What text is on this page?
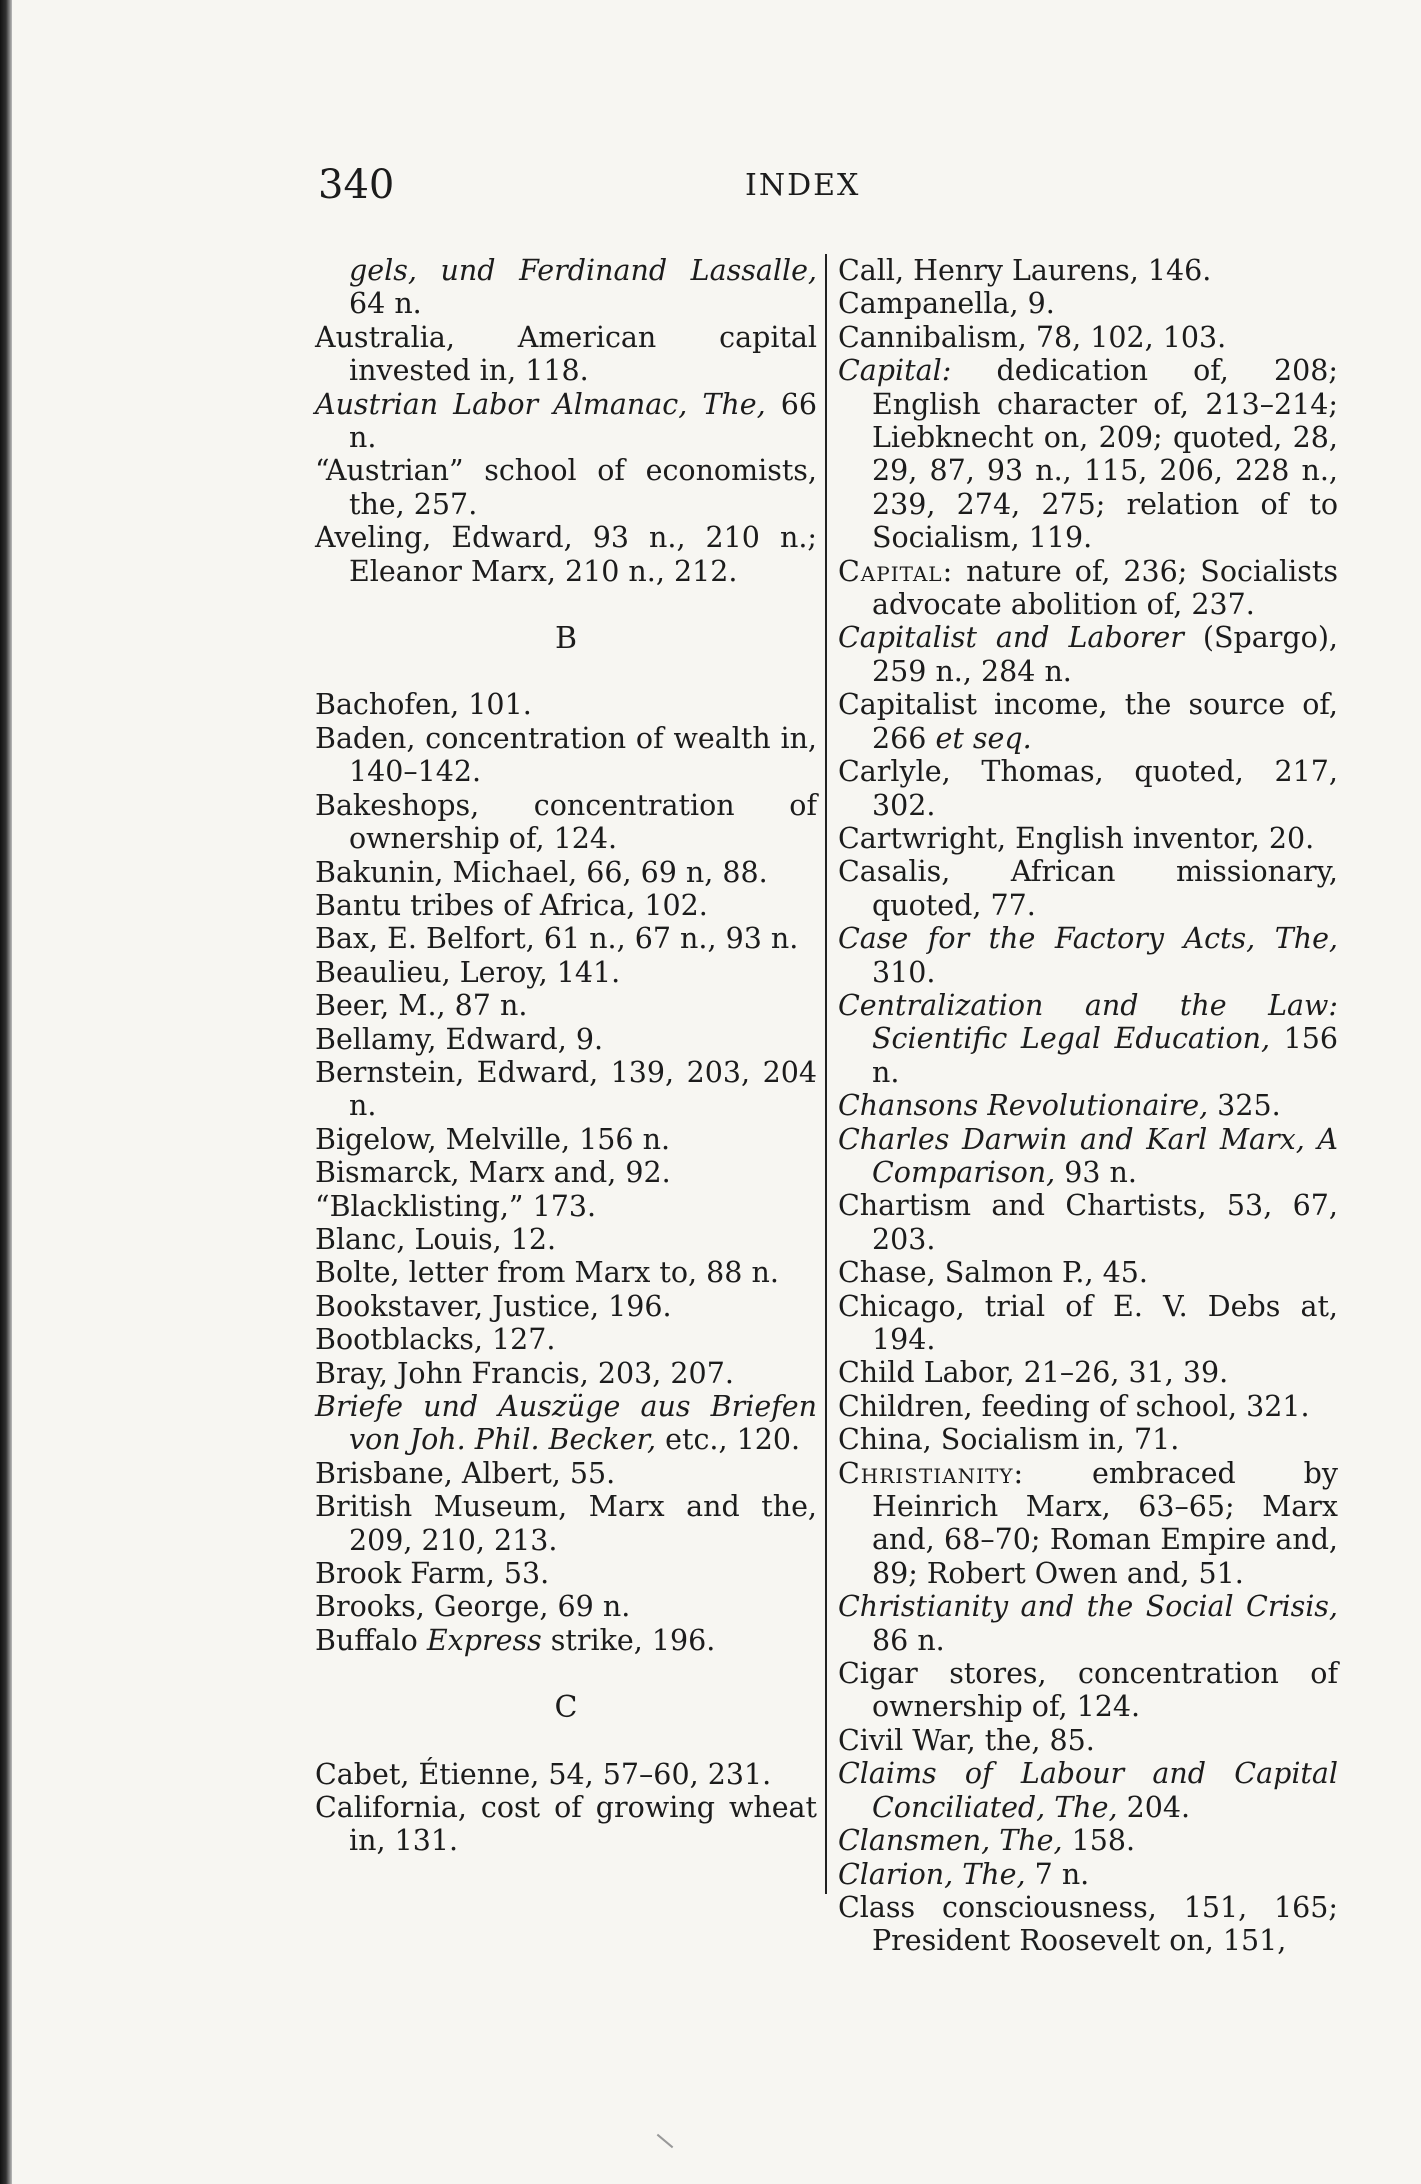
340	INDEX
gels, und Ferdinand Lassalle, 64 n.
Australia, American capital invested in, 118.
Austrian Labor Almanac, The, 66 n.
“Austrian” school of economists, the, 257.
Aveling, Edward, 93 n., 210 n.; Eleanor Marx, 210 n., 212.
B
Bachofen, 101.
Baden, concentration of wealth in, 140–142.
Bakeshops, concentration of ownership of, 124.
Bakunin, Michael, 66, 69 n, 88.
Bantu tribes of Africa, 102.
Bax, E. Belfort, 61 n., 67 n., 93 n.
Beaulieu, Leroy, 141.
Beer, M., 87 n.
Bellamy, Edward, 9.
Bernstein, Edward, 139, 203, 204 n.
Bigelow, Melville, 156 n.
Bismarck, Marx and, 92.
“Blacklisting,” 173.
Blanc, Louis, 12.
Bolte, letter from Marx to, 88 n.
Bookstaver, Justice, 196.
Bootblacks, 127.
Bray, John Francis, 203, 207.
Briefe und Auszüge aus Briefen von Joh. Phil. Becker, etc., 120.
Brisbane, Albert, 55.
British Museum, Marx and the, 209, 210, 213.
Brook Farm, 53.
Brooks, George, 69 n.
Buffalo Express strike, 196.
C
Cabet, Étienne, 54, 57–60, 231.
California, cost of growing wheat in, 131.
Call, Henry Laurens, 146.
Campanella, 9.
Cannibalism, 78, 102, 103.
Capital: dedication of, 208; English character of, 213–214; Liebknecht on, 209; quoted, 28, 29, 87, 93 n., 115, 206, 228 n., 239, 274, 275; relation of to Socialism, 119.
Capital: nature of, 236; Socialists advocate abolition of, 237.
Capitalist and Laborer (Spargo), 259 n., 284 n.
Capitalist income, the source of, 266 et seq.
Carlyle, Thomas, quoted, 217, 302.
Cartwright, English inventor, 20.
Casalis, African missionary, quoted, 77.
Case for the Factory Acts, The, 310.
Centralization and the Law: Scientific Legal Education, 156 n.
Chansons Revolutionaire, 325.
Charles Darwin and Karl Marx, A Comparison, 93 n.
Chartism and Chartists, 53, 67, 203.
Chase, Salmon P., 45.
Chicago, trial of E. V. Debs at, 194.
Child Labor, 21–26, 31, 39.
Children, feeding of school, 321.
China, Socialism in, 71.
Christianity: embraced by Heinrich Marx, 63–65; Marx and, 68–70; Roman Empire and, 89; Robert Owen and, 51.
Christianity and the Social Crisis, 86 n.
Cigar stores, concentration of ownership of, 124.
Civil War, the, 85.
Claims of Labour and Capital Conciliated, The, 204.
Clansmen, The, 158.
Clarion, The, 7 n.
Class consciousness, 151, 165; President Roosevelt on, 151,
